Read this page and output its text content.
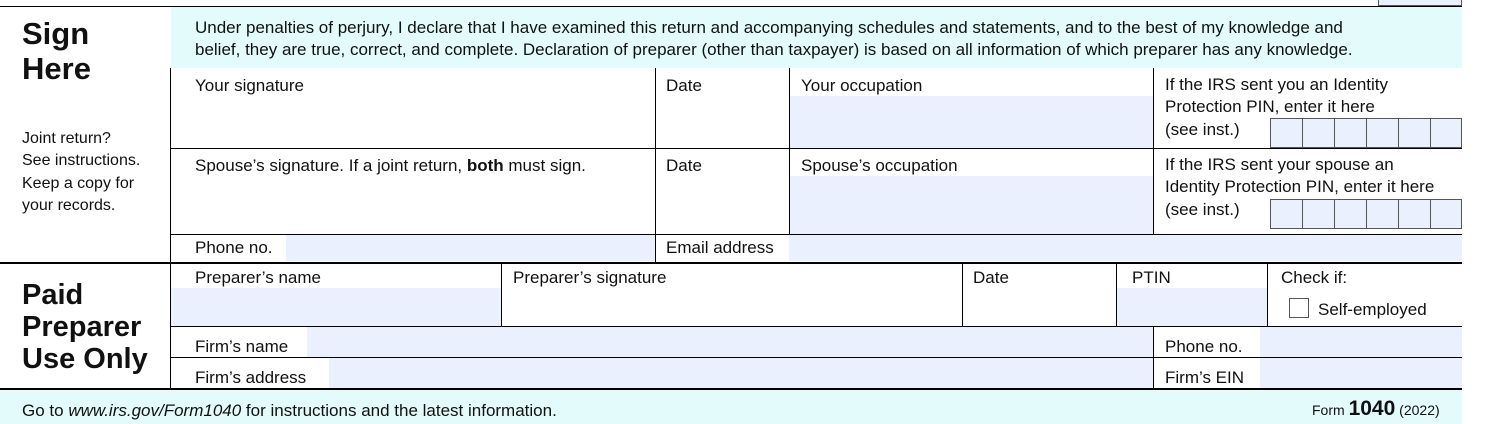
Sign
Here
Joint return?
See instructions.
Keep a copy for
your records.
Under penalties of perjury, I declare that I have examined this return and accompanying schedules and statements, and to the best of my knowledge and
belief, they are true, correct, and complete. Declaration of preparer (other than taxpayer) is based on all information of which preparer has any knowledge.
Your signature	Date	Your occupation	If the IRS sent you an Identity
Protection PIN, enter it here
(see inst.)
Spouse’s signature. If a joint return, both must sign.	Date	Spouse’s occupation	If the IRS sent your spouse an
Identity Protection PIN, enter it here
(see inst.)
Phone no.	Email address
Paid
Preparer
Use Only
Preparer’s name	Preparer’s signature	Date	PTIN	Check if:
Self-employed
Firm’s name	Phone no.
Firm’s address	Firm’s EIN
Go to www.irs.gov/Form1040 for instructions and the latest information.	Form 1040 (2022)
